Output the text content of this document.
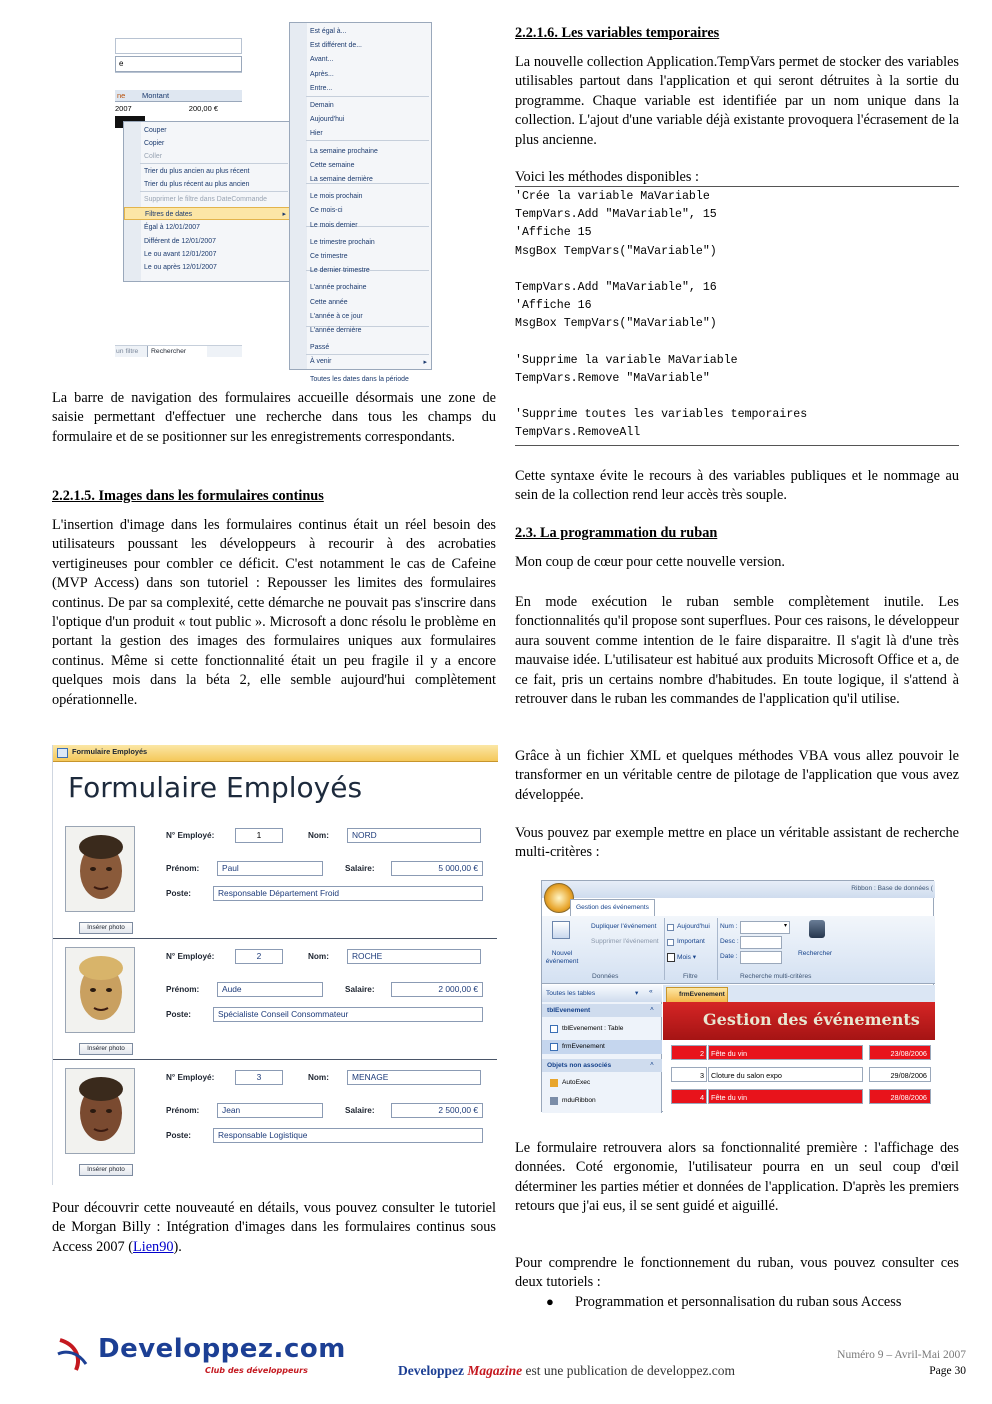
La barre de navigation des formulaires accueille désormais une zone de saisie permettant d'effectuer une recherche dans tous les champs du formulaire et de se positionner sur les enregistrements correspondants.

2.2.1.5. Images dans les formulaires continus

L'insertion d'image dans les formulaires continus était un réel besoin des utilisateurs poussant les développeurs à recourir à des acrobaties vertigineuses pour combler ce déficit. C'est notamment le cas de Cafeine (MVP Access) dans son tutoriel : Repousser les limites des formulaires continus. De par sa complexité, cette démarche ne pouvait pas s'inscrire dans l'optique d'un produit « tout public ». Microsoft a donc résolu le problème en portant la gestion des images des formulaires uniques aux formulaires continus. Même si cette fonctionnalité était un peu fragile il y a encore quelques mois dans la béta 2, elle semble aujourd'hui complètement opérationnelle.

Pour découvrir cette nouveauté en détails, vous pouvez consulter le tutoriel de Morgan Billy : Intégration d'images dans les formulaires continus sous Access 2007 (Lien90).

e
ne Montant
2007	200,00 €
un filtre	Rechercher
Couper
Copier
Coller
Trier du plus ancien au plus récent
Trier du plus récent au plus ancien
Supprimer le filtre dans DateCommande
Filtres de dates
Égal à 12/01/2007
Différent de 12/01/2007
Le ou avant 12/01/2007
Le ou après 12/01/2007
▸
Est égal à...
Est différent de...
Avant...
Après...
Entre...
Demain
Aujourd'hui
Hier
La semaine prochaine
Cette semaine
La semaine dernière
Le mois prochain
Ce mois-ci
Le mois dernier
Le trimestre prochain
Ce trimestre
Le dernier trimestre
L'année prochaine
Cette année
L'année à ce jour
L'année dernière
Passé
À venir
Toutes les dates dans la période
▸
Formulaire Employés
Formulaire Employés
Insérer photo
N° Employé:	1	Nom:	NORD
Prénom:	Paul	Salaire:	5 000,00 €
Poste:	Responsable Département Froid
Insérer photo
N° Employé:	2	Nom:	ROCHE
Prénom:	Aude	Salaire:	2 000,00 €
Poste:	Spécialiste Conseil Consommateur
Insérer photo
N° Employé:	3	Nom:	MENAGE
Prénom:	Jean	Salaire:	2 500,00 €
Poste:	Responsable Logistique
2.2.1.6. Les variables temporaires

La nouvelle collection Application.TempVars permet de stocker des variables utilisables partout dans l'application et qui seront détruites à la sortie du programme. Chaque variable est identifiée par un nom unique dans la collection. L'ajout d'une variable déjà existante provoquera l'écrasement de la plus ancienne.

Voici les méthodes disponibles :

'Crée la variable MaVariable
TempVars.Add "MaVariable", 15
'Affiche 15
MsgBox TempVars("MaVariable")
TempVars.Add "MaVariable", 16
'Affiche 16
MsgBox TempVars("MaVariable")
'Supprime la variable MaVariable
TempVars.Remove "MaVariable"
'Supprime toutes les variables temporaires
TempVars.RemoveAll

Cette syntaxe évite le recours à des variables publiques et le nommage au sein de la collection rend leur accès très souple.

2.3. La programmation du ruban

Mon coup de cœur pour cette nouvelle version.

En mode exécution le ruban semble complètement inutile. Les fonctionnalités qu'il propose sont superflues. Pour ces raisons, le développeur aura souvent comme intention de le faire disparaitre. Il s'agit là d'une très mauvaise idée. L'utilisateur est habitué aux produits Microsoft Office et a, de ce fait, pris un certains nombre d'habitudes. En toute logique, il s'attend à retrouver dans le ruban les commandes de l'application qu'il utilise.

Grâce à un fichier XML et quelques méthodes VBA vous allez pouvoir le transformer en un véritable centre de pilotage de l'application que vous avez développée.

Vous pouvez par exemple mettre en place un véritable assistant de recherche multi-critères :

Le formulaire retrouvera alors sa fonctionnalité première : l'affichage des données. Coté ergonomie, l'utilisateur pourra en un seul coup d'œil déterminer les parties métier et données de l'application. D'après les premiers retours que j'ai eus, il se sent guidé et aiguillé.

Pour comprendre le fonctionnement du ruban, vous pouvez consulter ces deux tutoriels :

● Programmation et personnalisation du ruban sous Access
Ribbon : Base de données (
Gestion des événements
Nouvel événement
Dupliquer l'événement
Supprimer l'événement
Données
Aujourd'hui
Important
Mois ▾
Filtre
Num :
Desc :
Date :
▾
Rechercher
Recherche multi-critères
Toutes les tables	▾ «
tblEvenement	˄
tblEvenement : Table
frmEvenement
Objets non associés	˄
AutoExec
mduRibbon
frmEvenement
Gestion des événements
2 Fête du vin	23/08/2006
3 Cloture du salon expo	29/08/2006
4 Fête du vin	28/08/2006
Developpez.com
Club des développeurs
Numéro 9 – Avril-Mai 2007
Developpez Magazine est une publication de developpez.com	Page 30
